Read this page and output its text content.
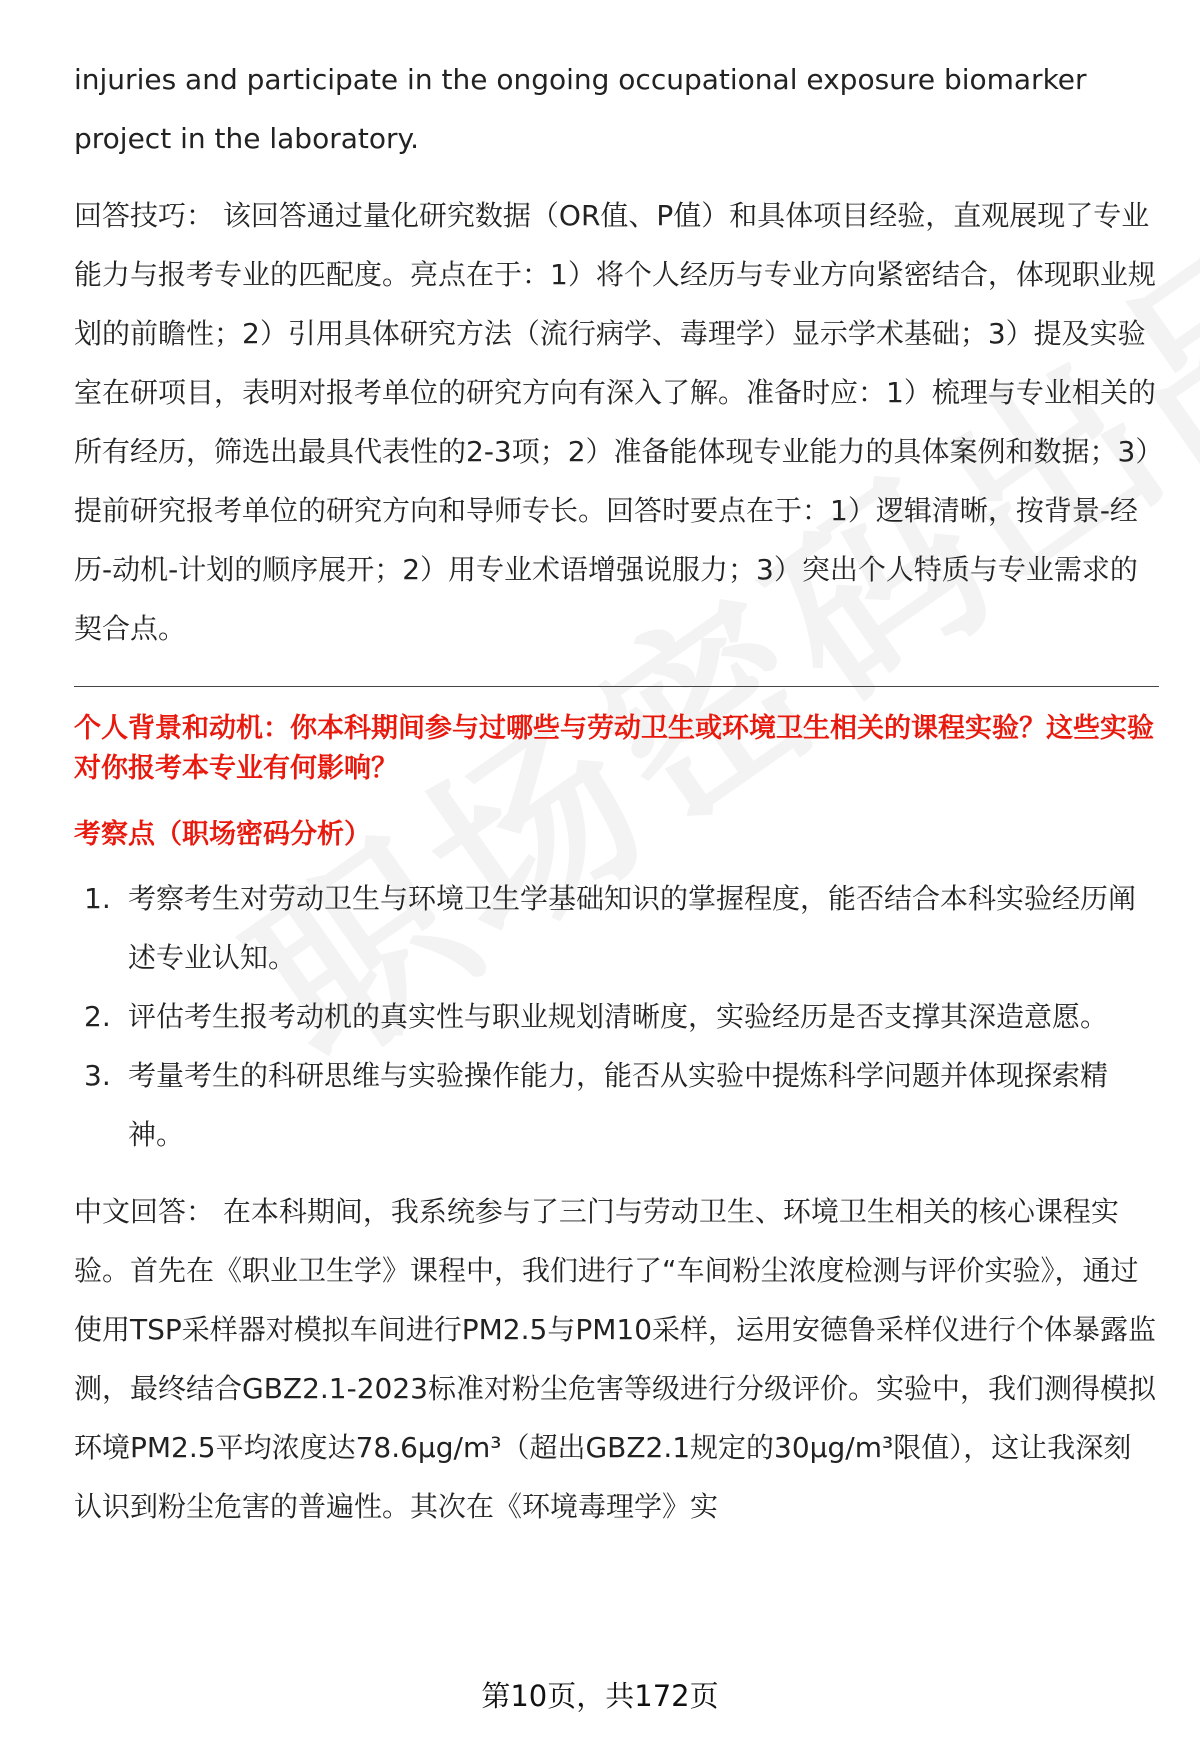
injuries and participate in the ongoing occupational exposure biomarker project in the laboratory.

回答技巧： 该回答通过量化研究数据（OR值、P值）和具体项目经验，直观展现了专业能力与报考专业的匹配度。亮点在于：1）将个人经历与专业方向紧密结合，体现职业规划的前瞻性；2）引用具体研究方法（流行病学、毒理学）显示学术基础；3）提及实验室在研项目，表明对报考单位的研究方向有深入了解。准备时应：1）梳理与专业相关的所有经历，筛选出最具代表性的2-3项；2）准备能体现专业能力的具体案例和数据；3）提前研究报考单位的研究方向和导师专长。回答时要点在于：1）逻辑清晰，按背景-经历-动机-计划的顺序展开；2）用专业术语增强说服力；3）突出个人特质与专业需求的契合点。

个人背景和动机：你本科期间参与过哪些与劳动卫生或环境卫生相关的课程实验？这些实验对你报考本专业有何影响？

考察点（职场密码分析）

1. 考察考生对劳动卫生与环境卫生学基础知识的掌握程度，能否结合本科实验经历阐述专业认知。
2. 评估考生报考动机的真实性与职业规划清晰度，实验经历是否支撑其深造意愿。
3. 考量考生的科研思维与实验操作能力，能否从实验中提炼科学问题并体现探索精神。

中文回答： 在本科期间，我系统参与了三门与劳动卫生、环境卫生相关的核心课程实验。首先在《职业卫生学》课程中，我们进行了“车间粉尘浓度检测与评价实验》，通过使用TSP采样器对模拟车间进行PM2.5与PM10采样，运用安德鲁采样仪进行个体暴露监测，最终结合GBZ2.1-2023标准对粉尘危害等级进行分级评价。实验中，我们测得模拟环境PM2.5平均浓度达78.6μg/m³（超出GBZ2.1规定的30μg/m³限值），这让我深刻认识到粉尘危害的普遍性。其次在《环境毒理学》实

第10页，共172页
